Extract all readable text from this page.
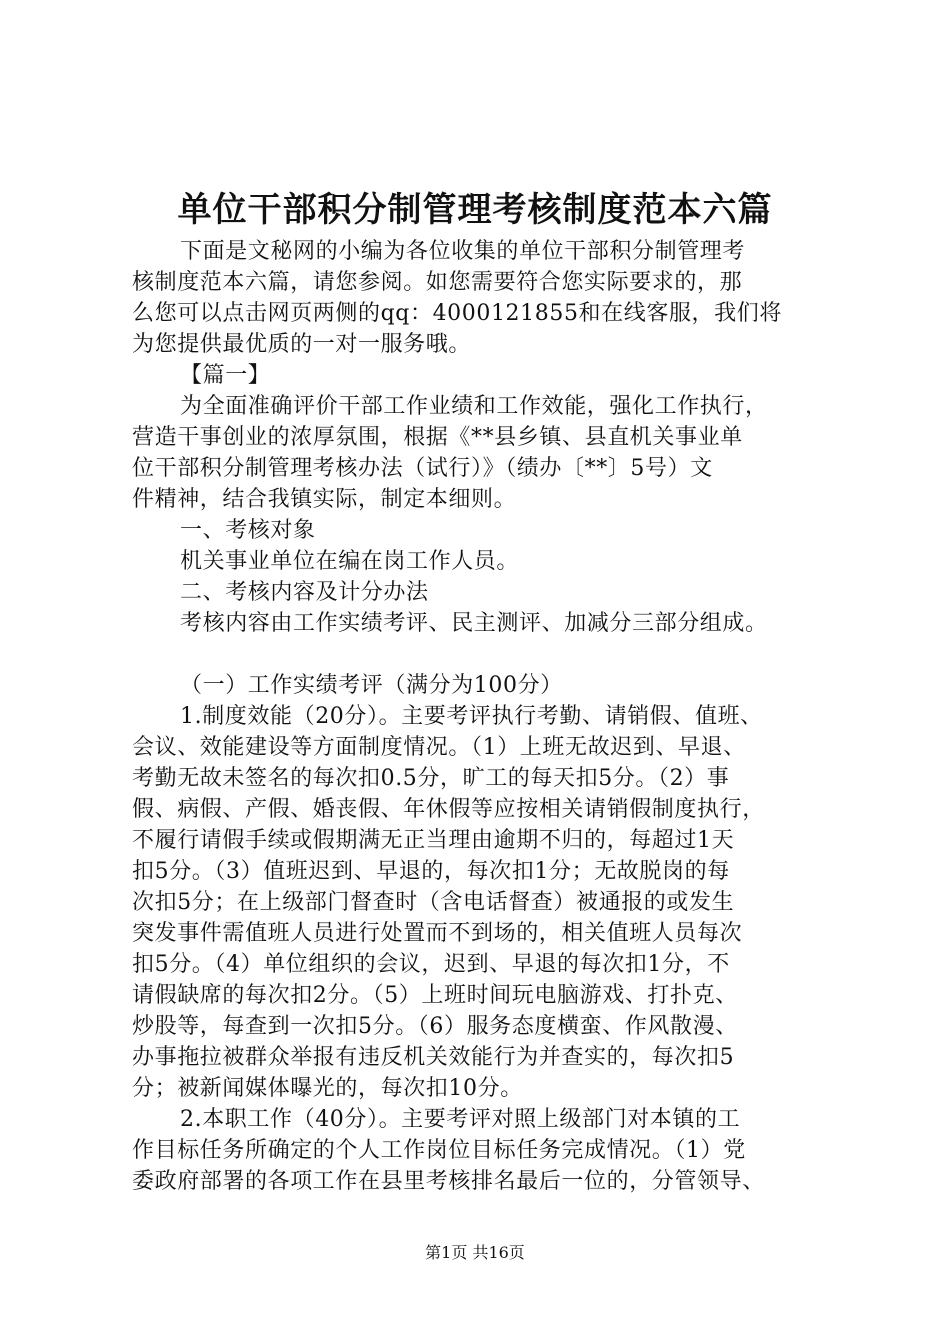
单位干部积分制管理考核制度范本六篇
下面是文秘网的小编为各位收集的单位干部积分制管理考
核制度范本六篇，请您参阅。如您需要符合您实际要求的，那
么您可以点击网页两侧的qq：4000121855和在线客服，我们将
为您提供最优质的一对一服务哦。
【篇一】
为全面准确评价干部工作业绩和工作效能，强化工作执行，
营造干事创业的浓厚氛围，根据《**县乡镇、县直机关事业单
位干部积分制管理考核办法（试行）》（绩办〔**〕5号）文
件精神，结合我镇实际，制定本细则。
一、考核对象
机关事业单位在编在岗工作人员。
二、考核内容及计分办法
考核内容由工作实绩考评、民主测评、加减分三部分组成。
（一）工作实绩考评（满分为100分）
1.制度效能（20分）。主要考评执行考勤、请销假、值班、
会议、效能建设等方面制度情况。（1）上班无故迟到、早退、
考勤无故未签名的每次扣0.5分，旷工的每天扣5分。（2）事
假、病假、产假、婚丧假、年休假等应按相关请销假制度执行，
不履行请假手续或假期满无正当理由逾期不归的，每超过1天
扣5分。（3）值班迟到、早退的，每次扣1分；无故脱岗的每
次扣5分；在上级部门督查时（含电话督查）被通报的或发生
突发事件需值班人员进行处置而不到场的，相关值班人员每次
扣5分。（4）单位组织的会议，迟到、早退的每次扣1分，不
请假缺席的每次扣2分。（5）上班时间玩电脑游戏、打扑克、
炒股等，每查到一次扣5分。（6）服务态度横蛮、作风散漫、
办事拖拉被群众举报有违反机关效能行为并查实的，每次扣5
分；被新闻媒体曝光的，每次扣10分。
2.本职工作（40分）。主要考评对照上级部门对本镇的工
作目标任务所确定的个人工作岗位目标任务完成情况。（1）党
委政府部署的各项工作在县里考核排名最后一位的，分管领导、
第1页 共16页
